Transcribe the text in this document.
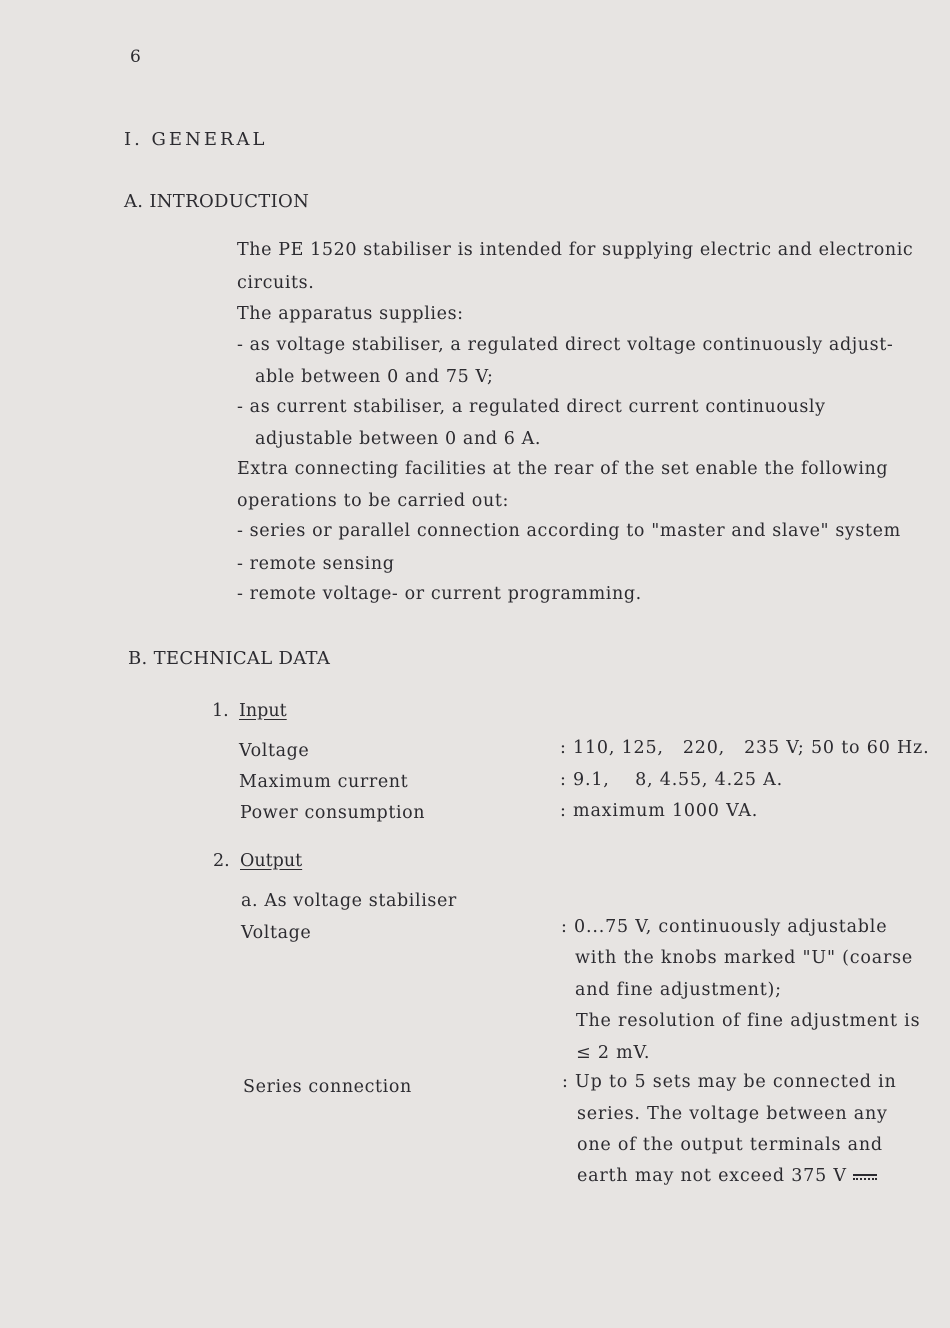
6
I. GENERAL
A. INTRODUCTION
The PE 1520 stabiliser is intended for supplying electric and electronic
circuits.
The apparatus supplies:
- as voltage stabiliser, a regulated direct voltage continuously adjust-
able between 0 and 75 V;
- as current stabiliser, a regulated direct current continuously
adjustable between 0 and 6 A.
Extra connecting facilities at the rear of the set enable the following
operations to be carried out:
- series or parallel connection according to "master and slave" system
- remote sensing
- remote voltage- or current programming.
B. TECHNICAL DATA
1. Input
Voltage	: 110, 125,   220,   235 V; 50 to 60 Hz.
Maximum current	: 9.1,    8, 4.55, 4.25 A.
Power consumption	: maximum 1000 VA.
2. Output
a. As voltage stabiliser
Voltage	: 0...75 V, continuously adjustable
with the knobs marked "U" (coarse
and fine adjustment);
The resolution of fine adjustment is
≤ 2 mV.
Series connection	: Up to 5 sets may be connected in
series. The voltage between any
one of the output terminals and
earth may not exceed 375 V
